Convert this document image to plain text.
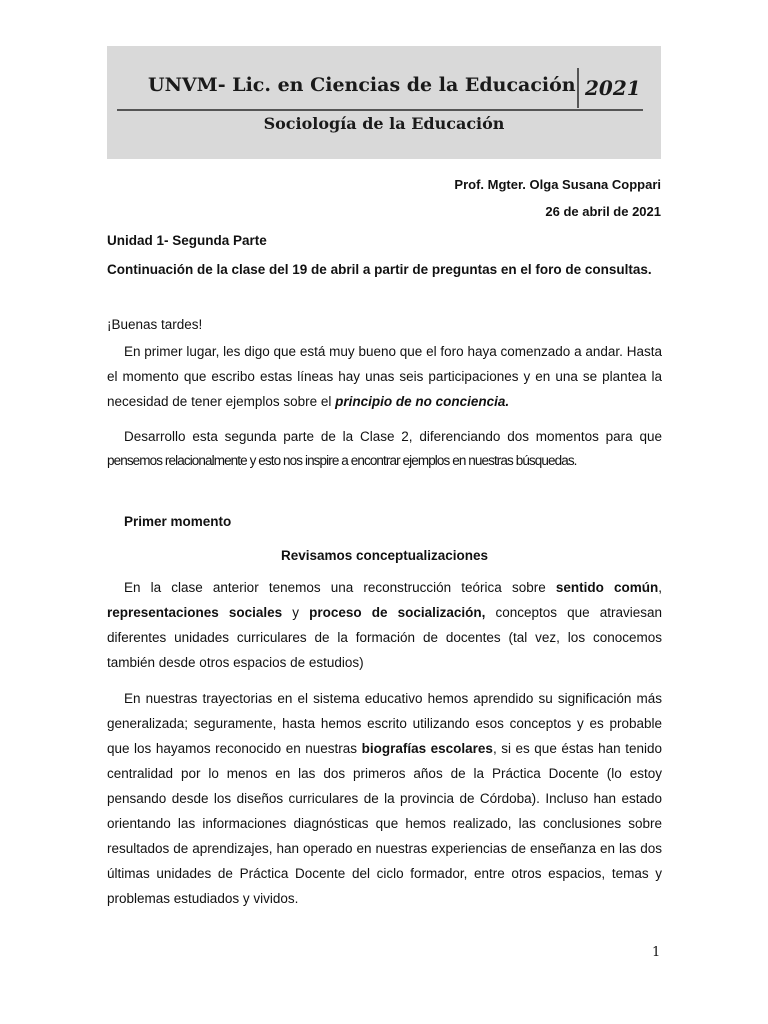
UNVM- Lic. en Ciencias de la Educación 2021
Sociología de la Educación
Prof. Mgter. Olga Susana Coppari
26 de abril de 2021
Unidad 1- Segunda Parte
Continuación de la clase del 19 de abril a partir de preguntas en el foro de consultas.
¡Buenas tardes!
En primer lugar, les digo que está muy bueno que el foro haya comenzado a andar. Hasta el momento que escribo estas líneas hay unas seis participaciones y en una se plantea la necesidad de tener ejemplos sobre el principio de no conciencia.
Desarrollo esta segunda parte de la Clase 2, diferenciando dos momentos para que
pensemos relacionalmente y esto nos inspire a encontrar ejemplos en nuestras búsquedas.
Primer momento
Revisamos conceptualizaciones
En la clase anterior tenemos una reconstrucción teórica sobre sentido común, representaciones sociales y proceso de socialización, conceptos que atraviesan diferentes unidades curriculares de la formación de docentes (tal vez, los conocemos también desde otros espacios de estudios)
En nuestras trayectorias en el sistema educativo hemos aprendido su significación más generalizada; seguramente, hasta hemos escrito utilizando esos conceptos y es probable que los hayamos reconocido en nuestras biografías escolares, si es que éstas han tenido centralidad por lo menos en las dos primeros años de la Práctica Docente (lo estoy pensando desde los diseños curriculares de la provincia de Córdoba). Incluso han estado orientando las informaciones diagnósticas que hemos realizado, las conclusiones sobre resultados de aprendizajes, han operado en nuestras experiencias de enseñanza en las dos últimas unidades de Práctica Docente del ciclo formador, entre otros espacios, temas y problemas estudiados y vividos.
1
